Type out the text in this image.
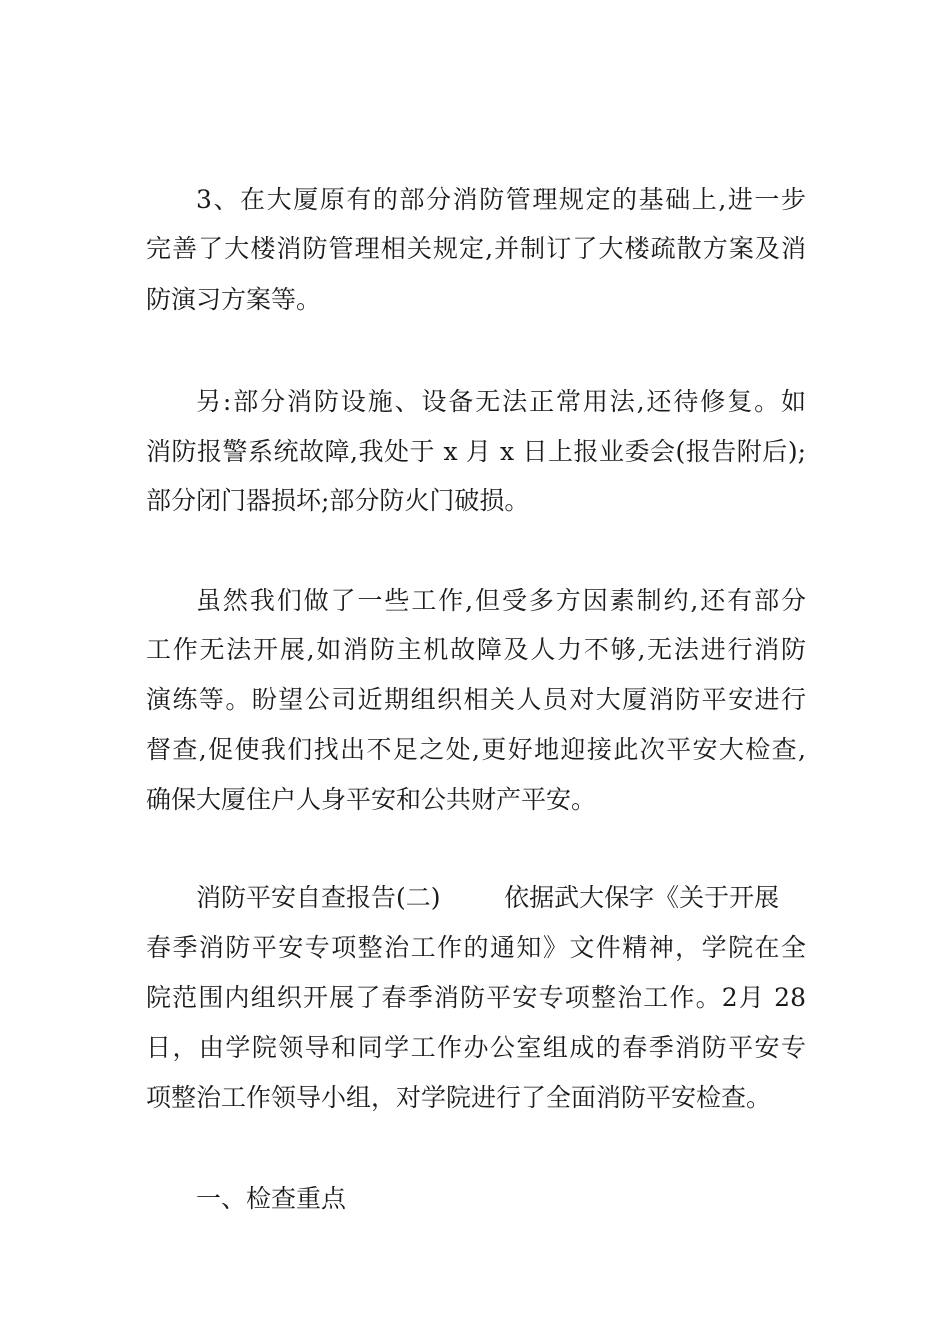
3、在大厦原有的部分消防管理规定的基础上,进一步
完善了大楼消防管理相关规定,并制订了大楼疏散方案及消
防演习方案等。
另:部分消防设施、设备无法正常用法,还待修复。如
消防报警系统故障,我处于 x 月 x 日上报业委会(报告附后);
部分闭门器损坏;部分防火门破损。
虽然我们做了一些工作,但受多方因素制约,还有部分
工作无法开展,如消防主机故障及人力不够,无法进行消防
演练等。盼望公司近期组织相关人员对大厦消防平安进行
督查,促使我们找出不足之处,更好地迎接此次平安大检查,
确保大厦住户人身平安和公共财产平安。
消防平安自查报告(二)        依据武大保字《关于开展
春季消防平安专项整治工作的通知》文件精神，学院在全
院范围内组织开展了春季消防平安专项整治工作。2月 28
日，由学院领导和同学工作办公室组成的春季消防平安专
项整治工作领导小组，对学院进行了全面消防平安检查。
一、检查重点
